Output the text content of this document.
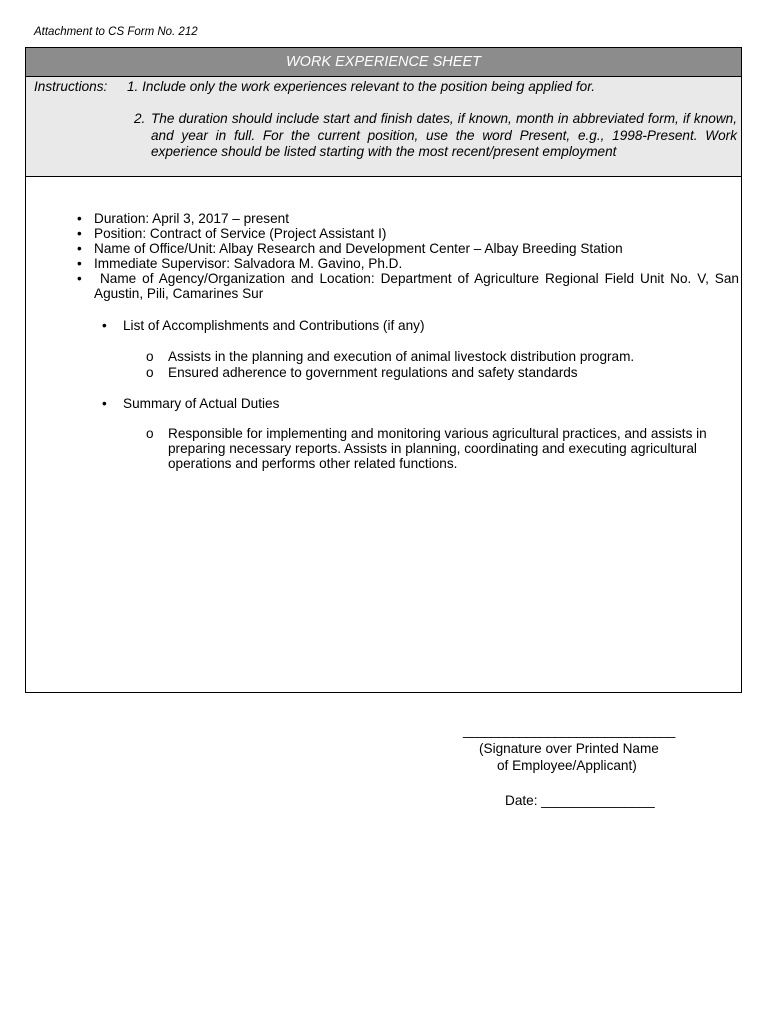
Attachment to CS Form No. 212
WORK EXPERIENCE SHEET
Instructions: 1. Include only the work experiences relevant to the position being applied for.
2. The duration should include start and finish dates, if known, month in abbreviated form, if known, and year in full. For the current position, use the word Present, e.g., 1998-Present. Work experience should be listed starting with the most recent/present employment
• Duration: April 3, 2017 – present
• Position: Contract of Service (Project Assistant I)
• Name of Office/Unit: Albay Research and Development Center – Albay Breeding Station
• Immediate Supervisor: Salvadora M. Gavino, Ph.D.
• Name of Agency/Organization and Location: Department of Agriculture Regional Field Unit No. V, San Agustin, Pili, Camarines Sur
• List of Accomplishments and Contributions (if any)
o Assists in the planning and execution of animal livestock distribution program.
o Ensured adherence to government regulations and safety standards
• Summary of Actual Duties
o Responsible for implementing and monitoring various agricultural practices, and assists in preparing necessary reports. Assists in planning, coordinating and executing agricultural operations and performs other related functions.
______________________________
(Signature over Printed Name
of Employee/Applicant)
Date: _______________
